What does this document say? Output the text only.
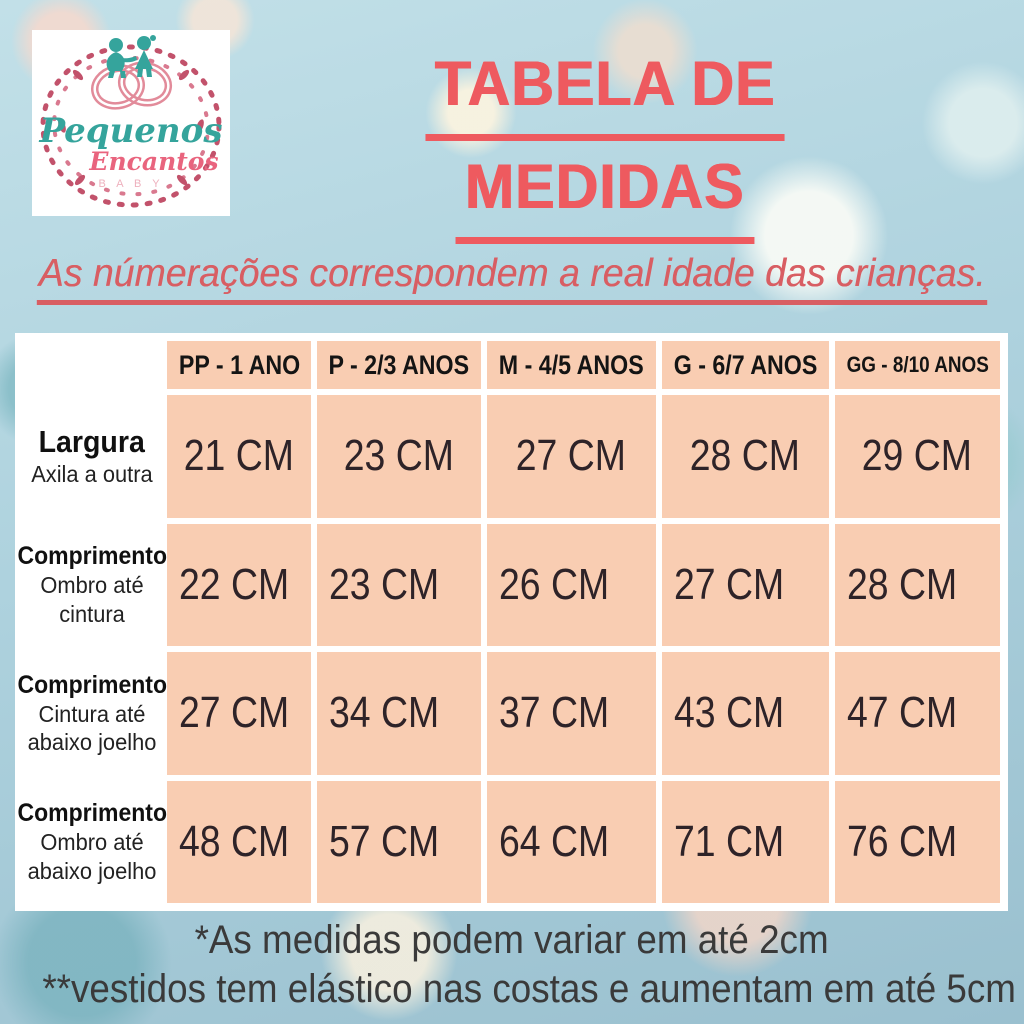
Pequenos
Encantos
B A B Y
TABELA DE
MEDIDAS
As númerações correspondem a real idade das crianças.
PP - 1 ANO P - 2/3 ANOS M - 4/5 ANOS G - 6/7 ANOS GG - 8/10 ANOS
Largura
Axila a outra 21 CM 23 CM 27 CM 28 CM 29 CM
Comprimento
Ombro até cintura
22 CM 23 CM 26 CM 27 CM 28 CM
Comprimento
Cintura até abaixo joelho
27 CM 34 CM 37 CM 43 CM 47 CM
Comprimento
Ombro até abaixo joelho
48 CM 57 CM 64 CM 71 CM 76 CM
*As medidas podem variar em até 2cm
**vestidos tem elástico nas costas e aumentam em até 5cm
